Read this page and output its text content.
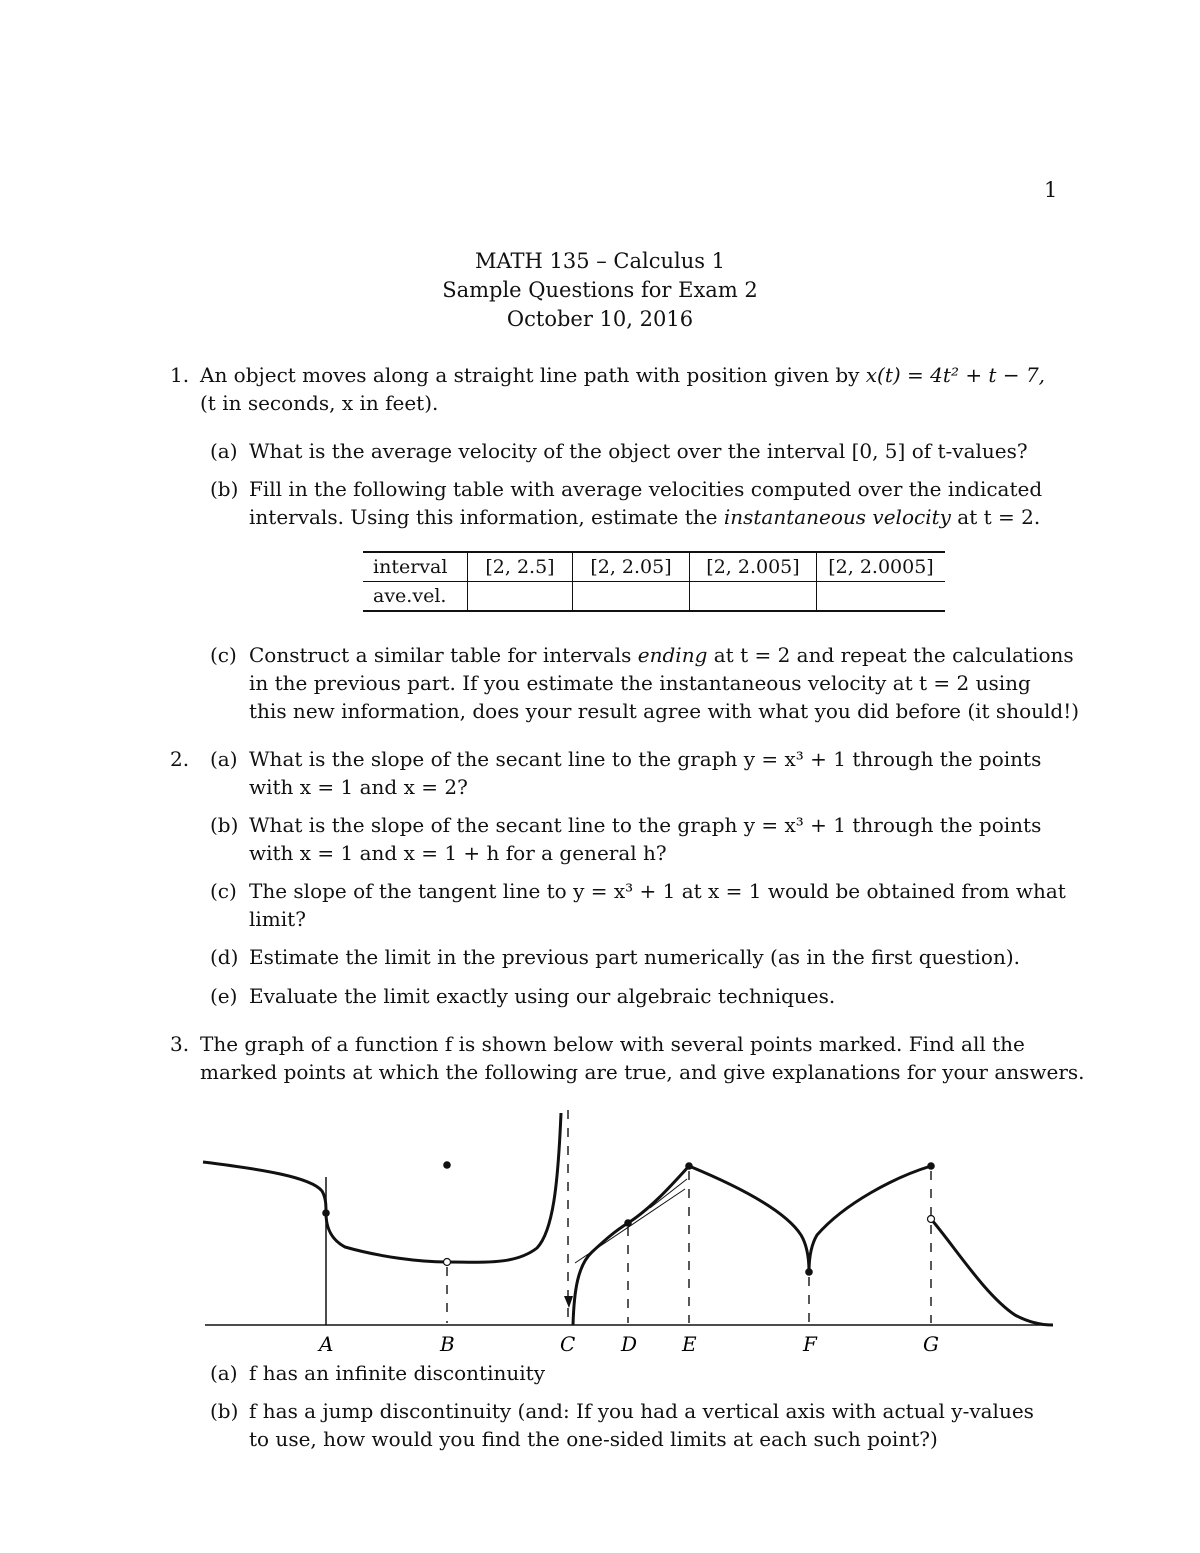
1
MATH 135 – Calculus 1
Sample Questions for Exam 2
October 10, 2016
1. An object moves along a straight line path with position given by x(t) = 4t² + t − 7,
(t in seconds, x in feet).
(a) What is the average velocity of the object over the interval [0, 5] of t-values?
(b) Fill in the following table with average velocities computed over the indicated
intervals. Using this information, estimate the instantaneous velocity at t = 2.
interval	[2, 2.5]	[2, 2.05]	[2, 2.005]	[2, 2.0005]
ave.vel.				
(c) Construct a similar table for intervals ending at t = 2 and repeat the calculations
in the previous part. If you estimate the instantaneous velocity at t = 2 using
this new information, does your result agree with what you did before (it should!)
2. (a) What is the slope of the secant line to the graph y = x³ + 1 through the points
with x = 1 and x = 2?
(b) What is the slope of the secant line to the graph y = x³ + 1 through the points
with x = 1 and x = 1 + h for a general h?
(c) The slope of the tangent line to y = x³ + 1 at x = 1 would be obtained from what
limit?
(d) Estimate the limit in the previous part numerically (as in the first question).
(e) Evaluate the limit exactly using our algebraic techniques.
3. The graph of a function f is shown below with several points marked. Find all the
marked points at which the following are true, and give explanations for your answers.
A	B	C D E	F	G
(a) f has an infinite discontinuity
(b) f has a jump discontinuity (and: If you had a vertical axis with actual y-values
to use, how would you find the one-sided limits at each such point?)
